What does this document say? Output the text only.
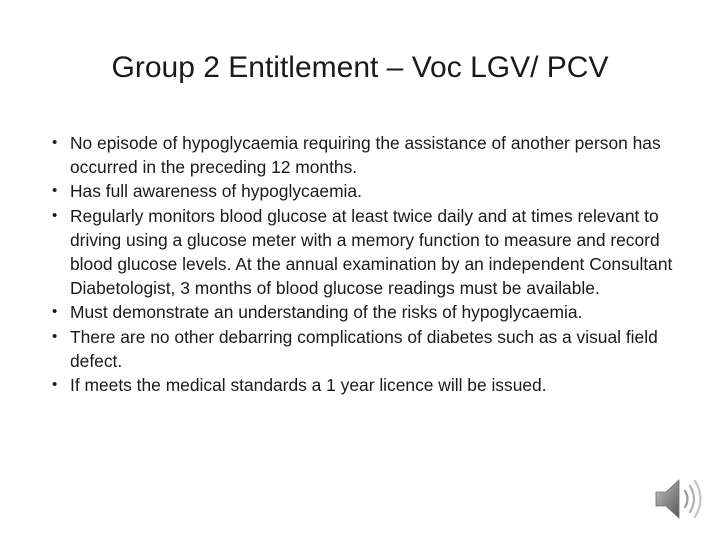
Group 2 Entitlement – Voc LGV/ PCV
• No episode of hypoglycaemia requiring the assistance of another person has occurred in the preceding 12 months.
• Has full awareness of hypoglycaemia.
• Regularly monitors blood glucose at least twice daily and at times relevant to driving using a glucose meter with a memory function to measure and record blood glucose levels. At the annual examination by an independent Consultant Diabetologist, 3 months of blood glucose readings must be available.
• Must demonstrate an understanding of the risks of hypoglycaemia.
• There are no other debarring complications of diabetes such as a visual field defect.
• If meets the medical standards a 1 year licence will be issued.
